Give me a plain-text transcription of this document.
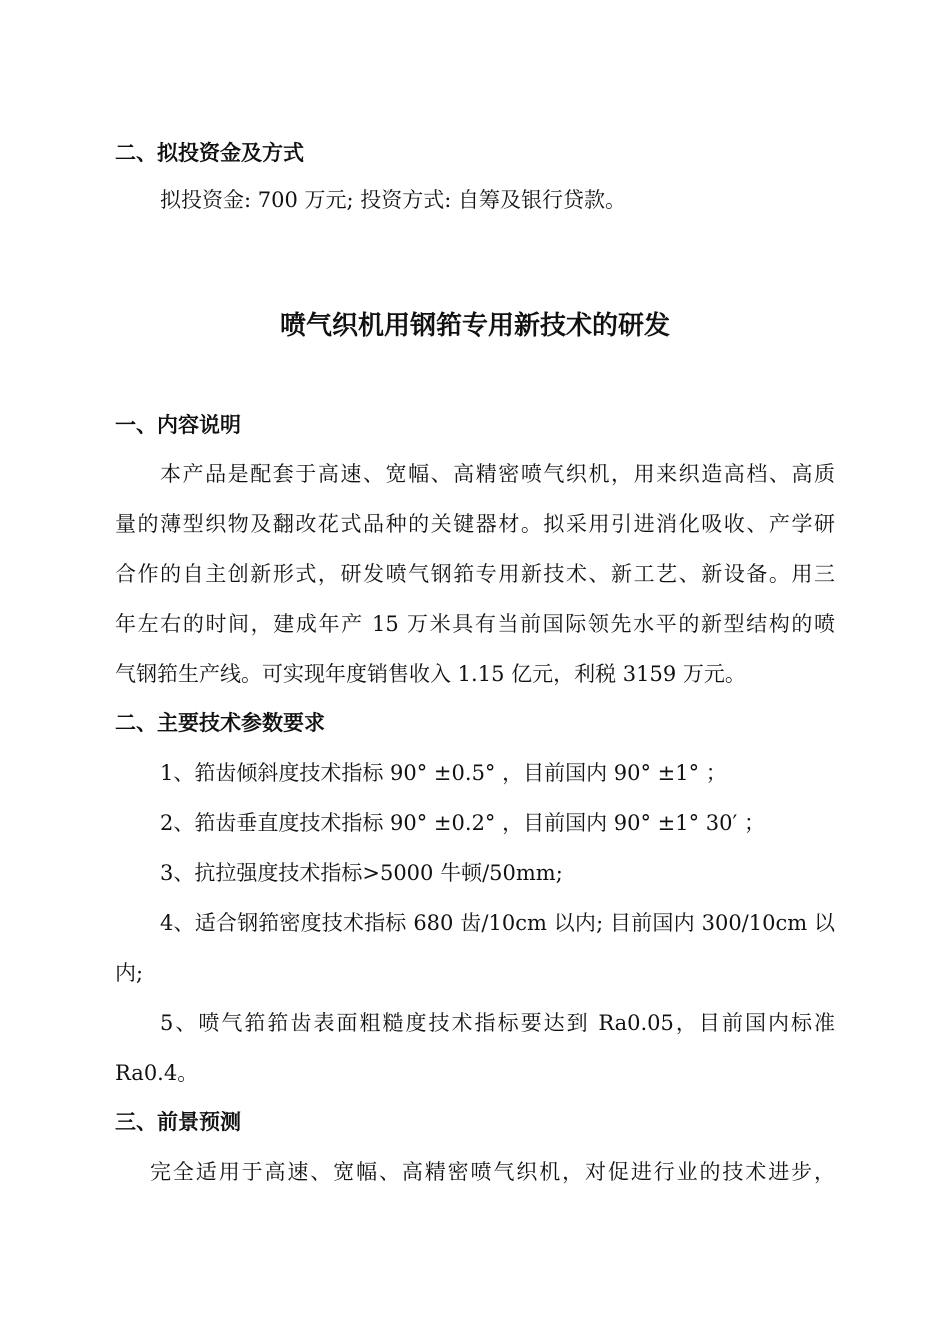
二、拟投资金及方式
拟投资金: 700 万元; 投资方式: 自筹及银行贷款。
喷气织机用钢筘专用新技术的研发
一、内容说明
本产品是配套于高速、宽幅、高精密喷气织机，用来织造高档、高质
量的薄型织物及翻改花式品种的关键器材。拟采用引进消化吸收、产学研
合作的自主创新形式，研发喷气钢筘专用新技术、新工艺、新设备。用三
年左右的时间，建成年产 15 万米具有当前国际领先水平的新型结构的喷
气钢筘生产线。可实现年度销售收入 1.15 亿元，利税 3159 万元。
二、主要技术参数要求
1、筘齿倾斜度技术指标 90° ±0.5° ，目前国内 90° ±1° ；
2、筘齿垂直度技术指标 90° ±0.2° ，目前国内 90° ±1° 30′ ；
3、抗拉强度技术指标>5000 牛顿/50mm;
4、适合钢筘密度技术指标 680 齿/10cm 以内; 目前国内 300/10cm 以
内;
5、喷气筘筘齿表面粗糙度技术指标要达到 Ra0.05，目前国内标准
Ra0.4。
三、前景预测
完全适用于高速、宽幅、高精密喷气织机，对促进行业的技术进步，
